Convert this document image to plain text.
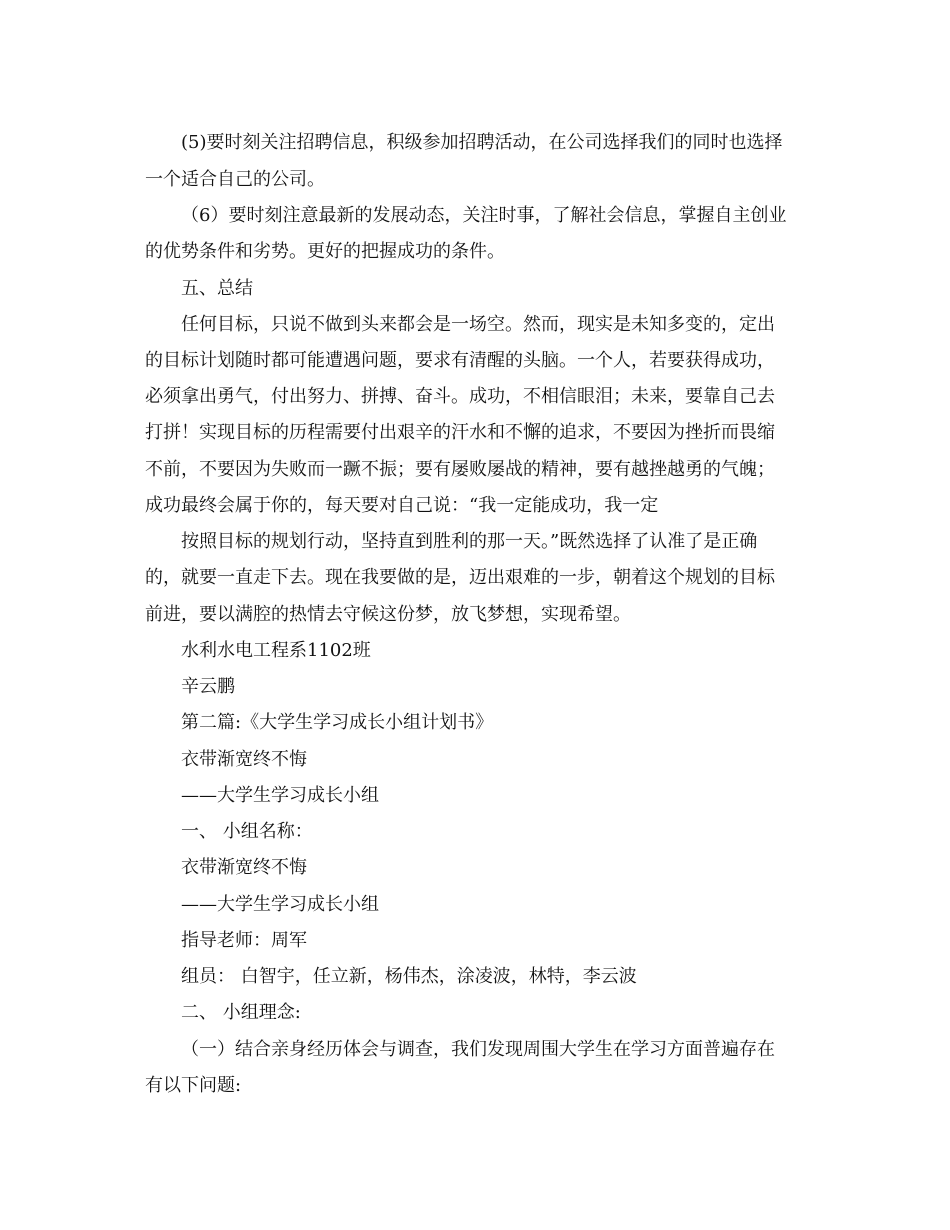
(5)要时刻关注招聘信息，积级参加招聘活动，在公司选择我们的同时也选择
一个适合自己的公司。
（6）要时刻注意最新的发展动态，关注时事，了解社会信息，掌握自主创业
的优势条件和劣势。更好的把握成功的条件。
五、总结
任何目标，只说不做到头来都会是一场空。然而，现实是未知多变的，定出
的目标计划随时都可能遭遇问题，要求有清醒的头脑。一个人，若要获得成功，
必须拿出勇气，付出努力、拼搏、奋斗。成功，不相信眼泪；未来，要靠自己去
打拼！实现目标的历程需要付出艰辛的汗水和不懈的追求，不要因为挫折而畏缩
不前，不要因为失败而一蹶不振；要有屡败屡战的精神，要有越挫越勇的气魄；
成功最终会属于你的，每天要对自己说：“我一定能成功，我一定
按照目标的规划行动，坚持直到胜利的那一天。”既然选择了认准了是正确
的，就要一直走下去。现在我要做的是，迈出艰难的一步，朝着这个规划的目标
前进，要以满腔的热情去守候这份梦，放飞梦想，实现希望。
水利水电工程系1102班
辛云鹏
第二篇:《大学生学习成长小组计划书》
衣带渐宽终不悔
——大学生学习成长小组
一、 小组名称：
衣带渐宽终不悔
——大学生学习成长小组
指导老师：周军
组员： 白智宇，任立新，杨伟杰，涂凌波，林特，李云波
二、 小组理念:
（一）结合亲身经历体会与调查，我们发现周围大学生在学习方面普遍存在
有以下问题:
